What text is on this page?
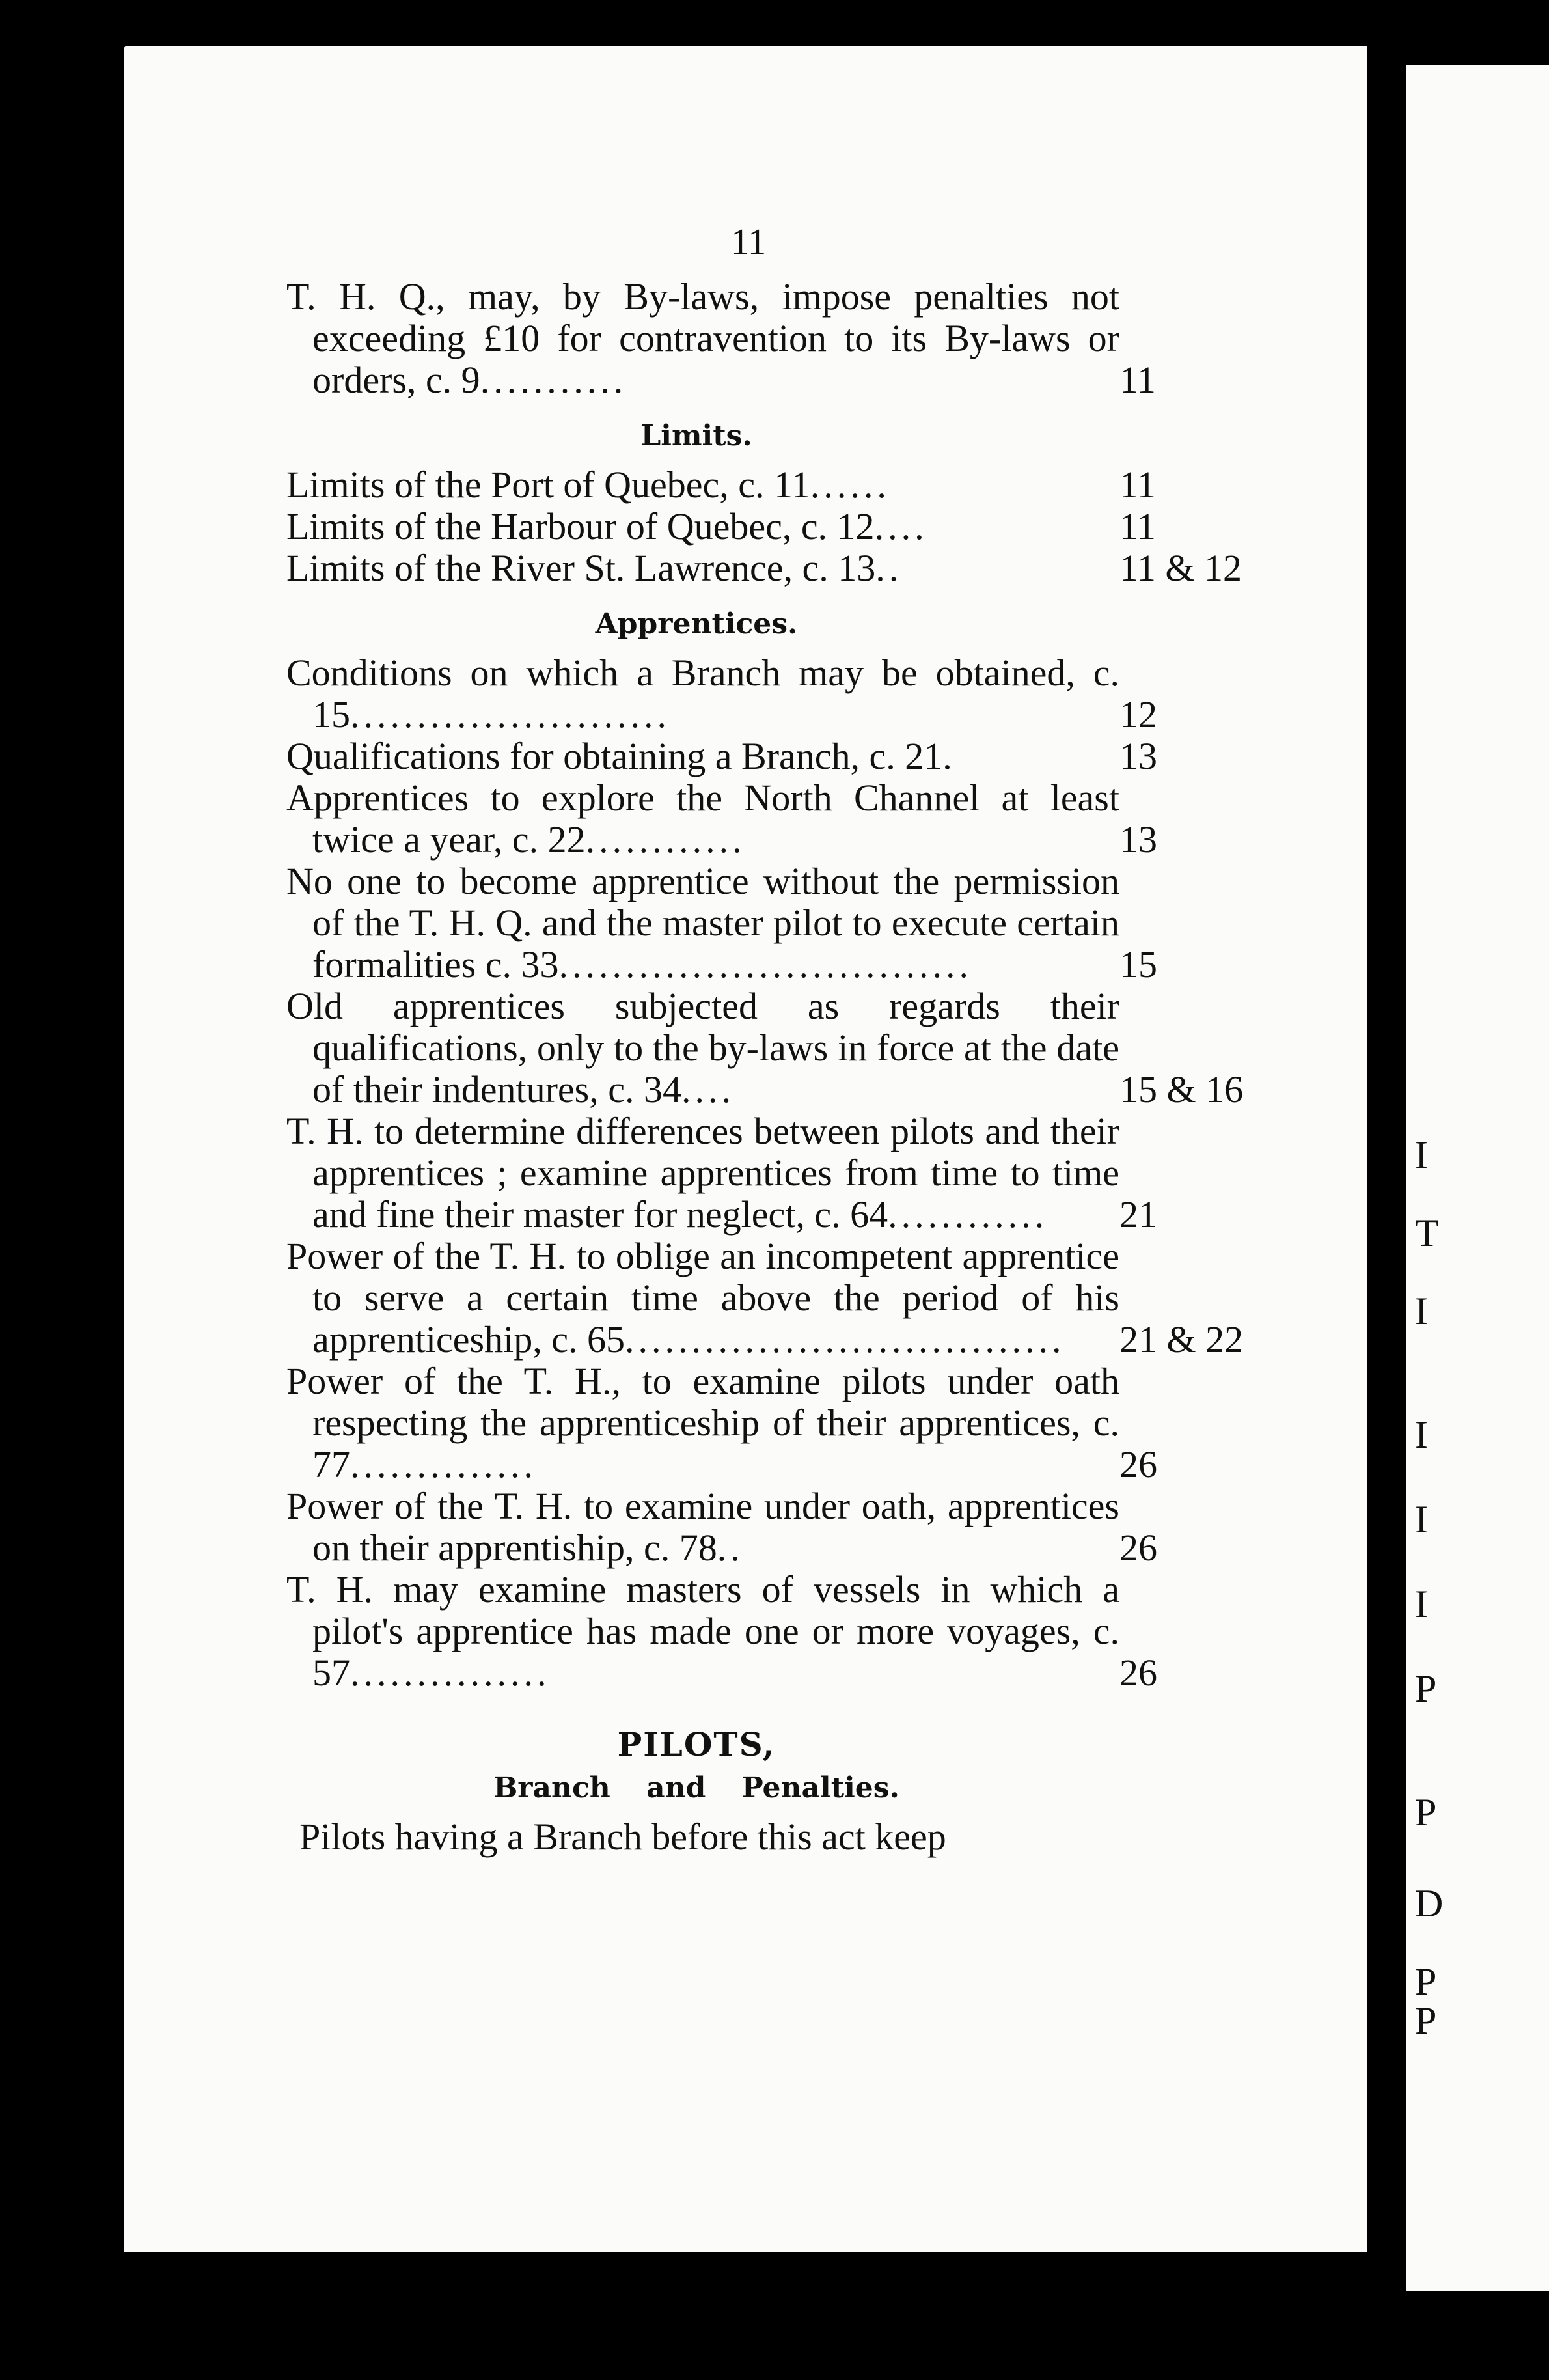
I
T
I
I
I
I
P
P
D
P
P
11

T. H. Q., may, by By-laws, impose penalties not exceeding £10 for contravention to its By-laws or orders, c. 9...........	11

Limits.

Limits of the Port of Quebec, c. 11......	11

Limits of the Harbour of Quebec, c. 12....	11

Limits of the River St. Lawrence, c. 13..	11 & 12

Apprentices.

Conditions on which a Branch may be obtained, c. 15........................	12

Qualifications for obtaining a Branch, c. 21.	13

Apprentices to explore the North Channel at least twice a year, c. 22............	13

No one to become apprentice without the permission of the T. H. Q. and the master pilot to execute certain formalities c. 33...............................	15

Old apprentices subjected as regards their qualifications, only to the by-laws in force at the date of their indentures, c. 34....	15 & 16

T. H. to determine differences between pilots and their apprentices ; examine apprentices from time to time and fine their master for neglect, c. 64............ 21

Power of the T. H. to oblige an incompetent apprentice to serve a certain time above the period of his apprenticeship, c. 65................................. 21 & 22

Power of the T. H., to examine pilots under oath respecting the apprenticeship of their apprentices, c. 77..............	26

Power of the T. H. to examine under oath, apprentices on their apprentiship, c. 78..	26

T. H. may examine masters of vessels in which a pilot's apprentice has made one or more voyages, c. 57...............	26

PILOTS,
Branch and Penalties.
Pilots having a Branch before this act keep
